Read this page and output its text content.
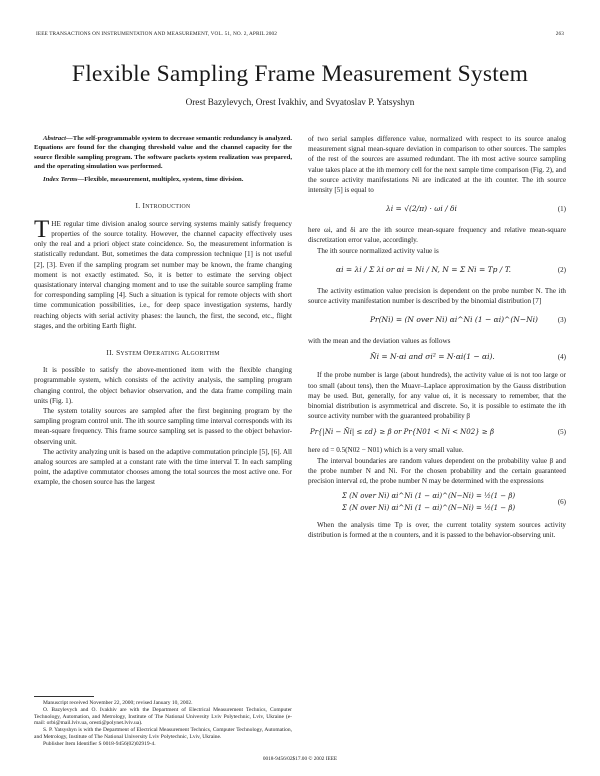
IEEE TRANSACTIONS ON INSTRUMENTATION AND MEASUREMENT, VOL. 51, NO. 2, APRIL 2002	263
Flexible Sampling Frame Measurement System
Orest Bazylevych, Orest Ivakhiv, and Svyatoslav P. Yatsyshyn

Abstract—The self-programmable system to decrease semantic redundancy is analyzed. Equations are found for the changing threshold value and the channel capacity for the source flexible sampling program. The software packets system realization was prepared, and the operating simulation was performed.

Index Terms—Flexible, measurement, multiplex, system, time division.

I. INTRODUCTION

THE regular time division analog source serving systems mainly satisfy frequency properties of the source totality. However, the channel capacity effectively uses only the real and a priori object state coincidence. So, the measurement information is statistically redundant. But, sometimes the data compression technique [1] is not useful [2], [3]. Even if the sampling program set number may be known, the frame changing moment is not exactly estimated. So, it is better to estimate the serving object quasistationary interval changing moment and to use the suitable source sampling frame for corresponding sampling [4]. Such a situation is typical for remote objects with short time communication possibilities, i.e., for deep space investigation systems, hardly reaching objects with serial activity phases: the launch, the first, the second, etc., flight stages, and the orbiting Earth flight.

II. SYSTEM OPERATING ALGORITHM

It is possible to satisfy the above-mentioned item with the flexible changing programmable system, which consists of the activity analysis, the sampling program changing control, the object behavior observation, and the data frame compiling main units (Fig. 1).

The system totality sources are sampled after the first beginning program by the sampling program control unit. The ith source sampling time interval corresponds with its mean-square frequency. This frame source sampling set is passed to the object behavior-observing unit.

The activity analyzing unit is based on the adaptive commutation principle [5], [6]. All analog sources are sampled at a constant rate with the time interval T. In each sampling point, the adaptive commutator chooses among the total sources the most active one. For example, the chosen source has the largest

of two serial samples difference value, normalized with respect to its source analog measurement signal mean-square deviation in comparison to other sources. The samples of the rest of the sources are assumed redundant. The ith most active source sampling value takes place at the ith memory cell for the next sample time comparison (Fig. 2), and the source activity manifestations Ni are indicated at the ith counter. The ith source intensity [5] is equal to

λi = √(2/π) · ωi / δi	(1)

here ωi, and δi are the ith source mean-square frequency and relative mean-square discretization error value, accordingly.

The ith source normalized activity value is

αi = λi / Σ λi or αi = Ni / N, N = Σ Ni = Tp / T.	(2)

The activity estimation value precision is dependent on the probe number N. The ith source activity manifestation number is described by the binomial distribution [7]

Pr(Ni) = (N over Ni) αi^Ni (1 − αi)^(N−Ni)	(3)

with the mean and the deviation values as follows

N̄i = N·αi and σi² = N·αi(1 − αi).	(4)

If the probe number is large (about hundreds), the activity value αi is not too large or too small (about tens), then the Muavr–Laplace approximation by the Gauss distribution may be used. But, generally, for any value αi, it is necessary to remember, that the binomial distribution is asymmetrical and discrete. So, it is possible to estimate the ith source activity number with the guaranteed probability β

Pr{|Ni − N̄i| ≤ εd} ≥ β or Pr{N01 < Ni < N02} ≥ β	(5)

here εd = 0.5(N02 − N01) which is a very small value.

The interval boundaries are random values dependent on the probability value β and the probe number N and Ni. For the chosen probability and the certain guaranteed precision interval εd, the probe number N may be determined with the expressions

Σ (N over Ni) αi^Ni (1 − αi)^(N−Ni) = ½(1 − β)
Σ (N over Ni) αi^Ni (1 − αi)^(N−Ni) = ½(1 − β)
(6)

When the analysis time Tp is over, the current totality system sources activity distribution is formed at the n counters, and it is passed to the behavior-observing unit.

Manuscript received November 22, 2000; revised January 10, 2002.

O. Bazylevych and O. Ivakhiv are with the Department of Electrical Measurement Technics, Computer Technology, Automation, and Metrology, Institute of The National University Lviv Polytechnic, Lviv, Ukraine (e-mail: orbi@mail.lviv.ua, oresti@polynet.lviv.ua).

S. P. Yatsyshyn is with the Department of Electrical Measurement Technics, Computer Technology, Automation, and Metrology, Institute of The National University Lviv Polytechnic, Lviv, Ukraine.

Publisher Item Identifier S 0018-9456(02)02919-4.

0018-9456/02$17.00 © 2002 IEEE
